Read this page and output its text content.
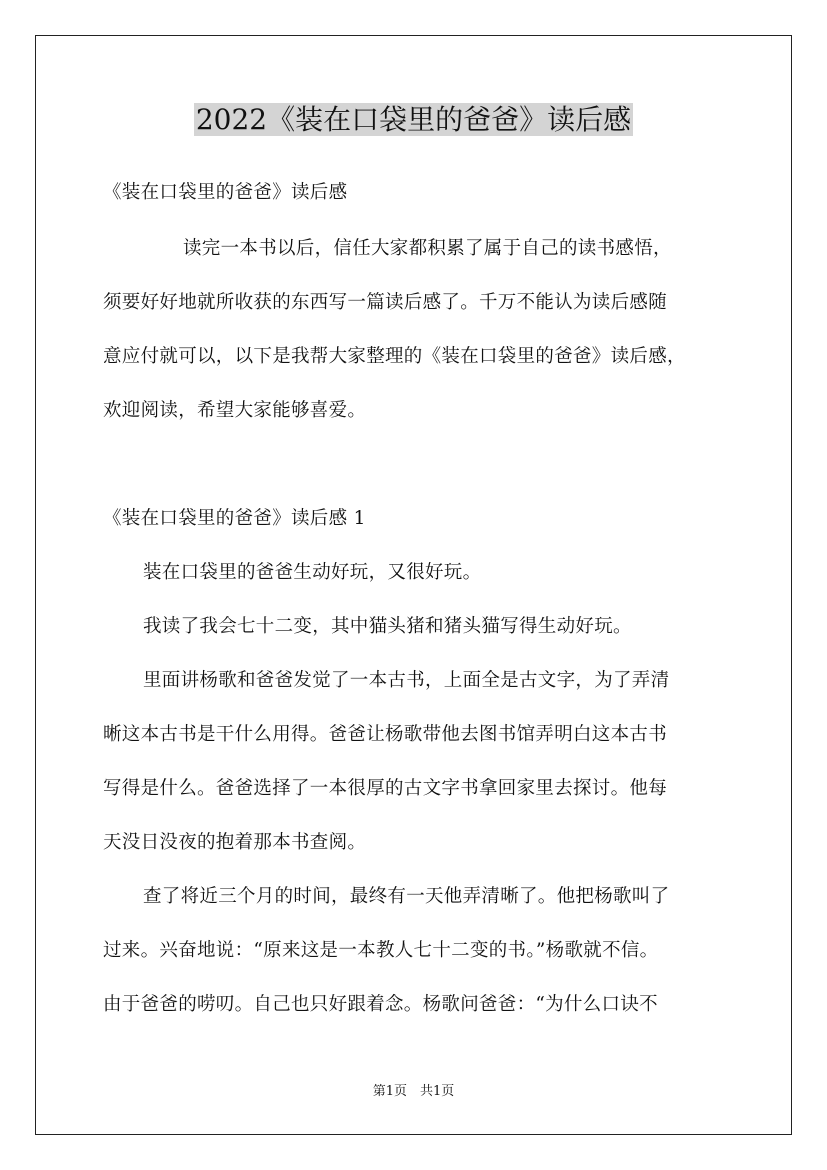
2022《装在口袋里的爸爸》读后感
《装在口袋里的爸爸》读后感
读完一本书以后，信任大家都积累了属于自己的读书感悟，
须要好好地就所收获的东西写一篇读后感了。千万不能认为读后感随
意应付就可以，以下是我帮大家整理的《装在口袋里的爸爸》读后感，
欢迎阅读，希望大家能够喜爱。
《装在口袋里的爸爸》读后感 1
装在口袋里的爸爸生动好玩，又很好玩。
我读了我会七十二变，其中猫头猪和猪头猫写得生动好玩。
里面讲杨歌和爸爸发觉了一本古书，上面全是古文字，为了弄清
晰这本古书是干什么用得。爸爸让杨歌带他去图书馆弄明白这本古书
写得是什么。爸爸选择了一本很厚的古文字书拿回家里去探讨。他每
天没日没夜的抱着那本书查阅。
查了将近三个月的时间，最终有一天他弄清晰了。他把杨歌叫了
过来。兴奋地说：“原来这是一本教人七十二变的书。”杨歌就不信。
由于爸爸的唠叨。自己也只好跟着念。杨歌问爸爸：“为什么口诀不
第1页　共1页
